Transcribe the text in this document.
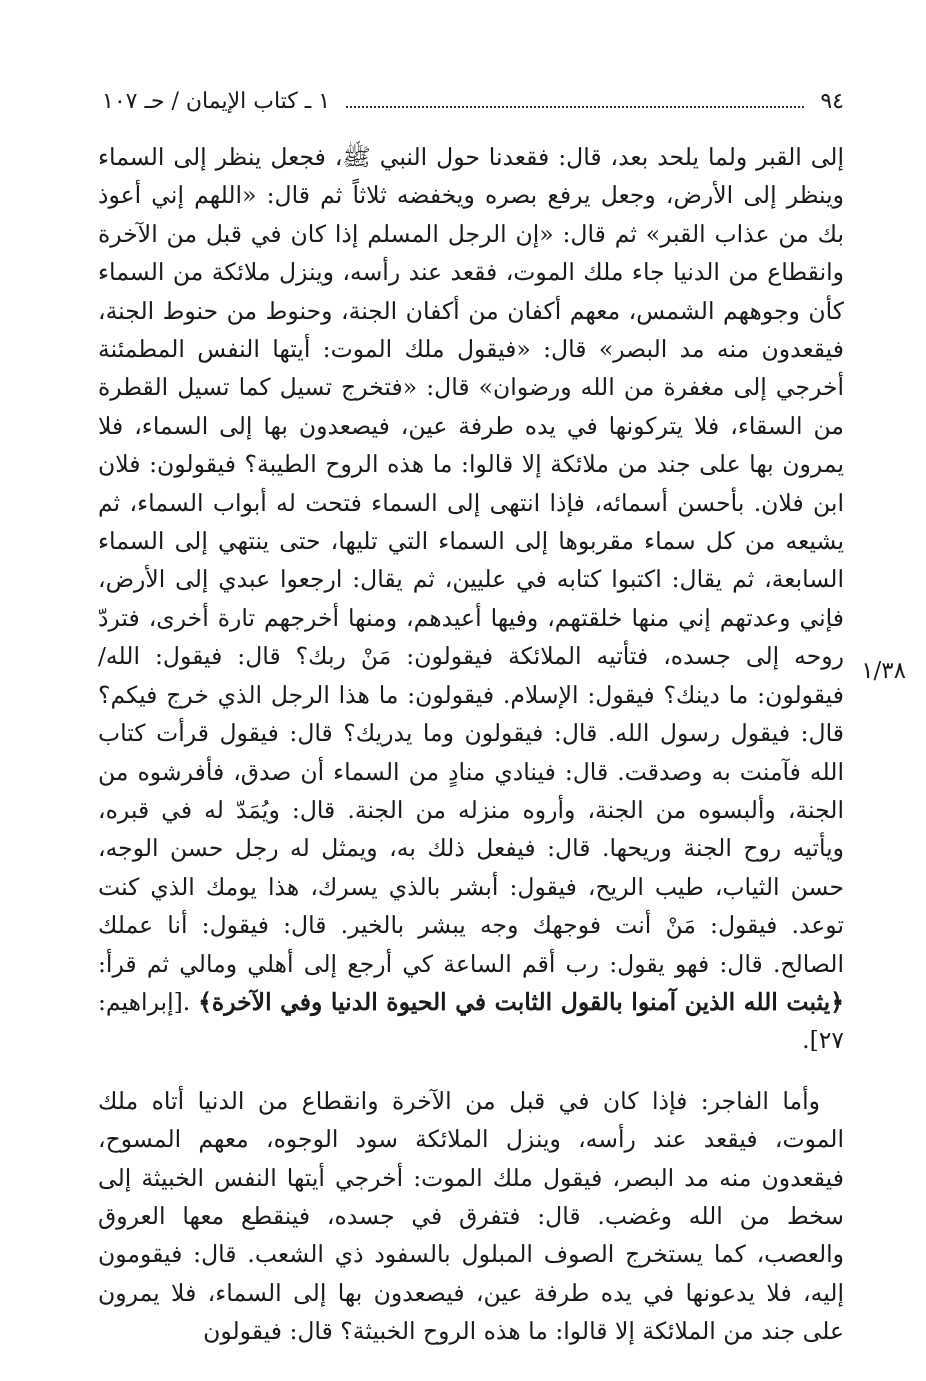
٩٤
١ ـ كتاب الإيمان / حـ ١٠٧
١/٣٨

إلى القبر ولما يلحد بعد، قال: فقعدنا حول النبي ﷺ، فجعل ينظر إلى السماء وينظر إلى الأرض، وجعل يرفع بصره ويخفضه ثلاثاً ثم قال: «اللهم إني أعوذ بك من عذاب القبر» ثم قال: «إن الرجل المسلم إذا كان في قبل من الآخرة وانقطاع من الدنيا جاء ملك الموت، فقعد عند رأسه، وينزل ملائكة من السماء كأن وجوههم الشمس، معهم أكفان من أكفان الجنة، وحنوط من حنوط الجنة، فيقعدون منه مد البصر» قال: «فيقول ملك الموت: أيتها النفس المطمئنة أخرجي إلى مغفرة من الله ورضوان» قال: «فتخرج تسيل كما تسيل القطرة من السقاء، فلا يتركونها في يده طرفة عين، فيصعدون بها إلى السماء، فلا يمرون بها على جند من ملائكة إلا قالوا: ما هذه الروح الطيبة؟ فيقولون: فلان ابن فلان. بأحسن أسمائه، فإذا انتهى إلى السماء فتحت له أبواب السماء، ثم يشيعه من كل سماء مقربوها إلى السماء التي تليها، حتى ينتهي إلى السماء السابعة، ثم يقال: اكتبوا كتابه في عليين، ثم يقال: ارجعوا عبدي إلى الأرض، فإني وعدتهم إني منها خلقتهم، وفيها أعيدهم، ومنها أخرجهم تارة أخرى، فتردّ روحه إلى جسده، فتأتيه الملائكة فيقولون: مَنْ ربك؟ قال: فيقول: الله/ فيقولون: ما دينك؟ فيقول: الإسلام. فيقولون: ما هذا الرجل الذي خرج فيكم؟ قال: فيقول رسول الله. قال: فيقولون وما يدريك؟ قال: فيقول قرأت كتاب الله فآمنت به وصدقت. قال: فينادي منادٍ من السماء أن صدق، فأفرشوه من الجنة، وألبسوه من الجنة، وأروه منزله من الجنة. قال: ويُمَدّ له في قبره، ويأتيه روح الجنة وريحها. قال: فيفعل ذلك به، ويمثل له رجل حسن الوجه، حسن الثياب، طيب الريح، فيقول: أبشر بالذي يسرك، هذا يومك الذي كنت توعد. فيقول: مَنْ أنت فوجهك وجه يبشر بالخير. قال: فيقول: أنا عملك الصالح. قال: فهو يقول: رب أقم الساعة كي أرجع إلى أهلي ومالي ثم قرأ: ﴿يثبت الله الذين آمنوا بالقول الثابت في الحيوة الدنيا وفي الآخرة﴾ .[إبراهيم: ٢٧].

وأما الفاجر: فإذا كان في قبل من الآخرة وانقطاع من الدنيا أتاه ملك الموت، فيقعد عند رأسه، وينزل الملائكة سود الوجوه، معهم المسوح، فيقعدون منه مد البصر، فيقول ملك الموت: أخرجي أيتها النفس الخبيثة إلى سخط من الله وغضب. قال: فتفرق في جسده، فينقطع معها العروق والعصب، كما يستخرج الصوف المبلول بالسفود ذي الشعب. قال: فيقومون إليه، فلا يدعونها في يده طرفة عين، فيصعدون بها إلى السماء، فلا يمرون على جند من الملائكة إلا قالوا: ما هذه الروح الخبيثة؟ قال: فيقولون
